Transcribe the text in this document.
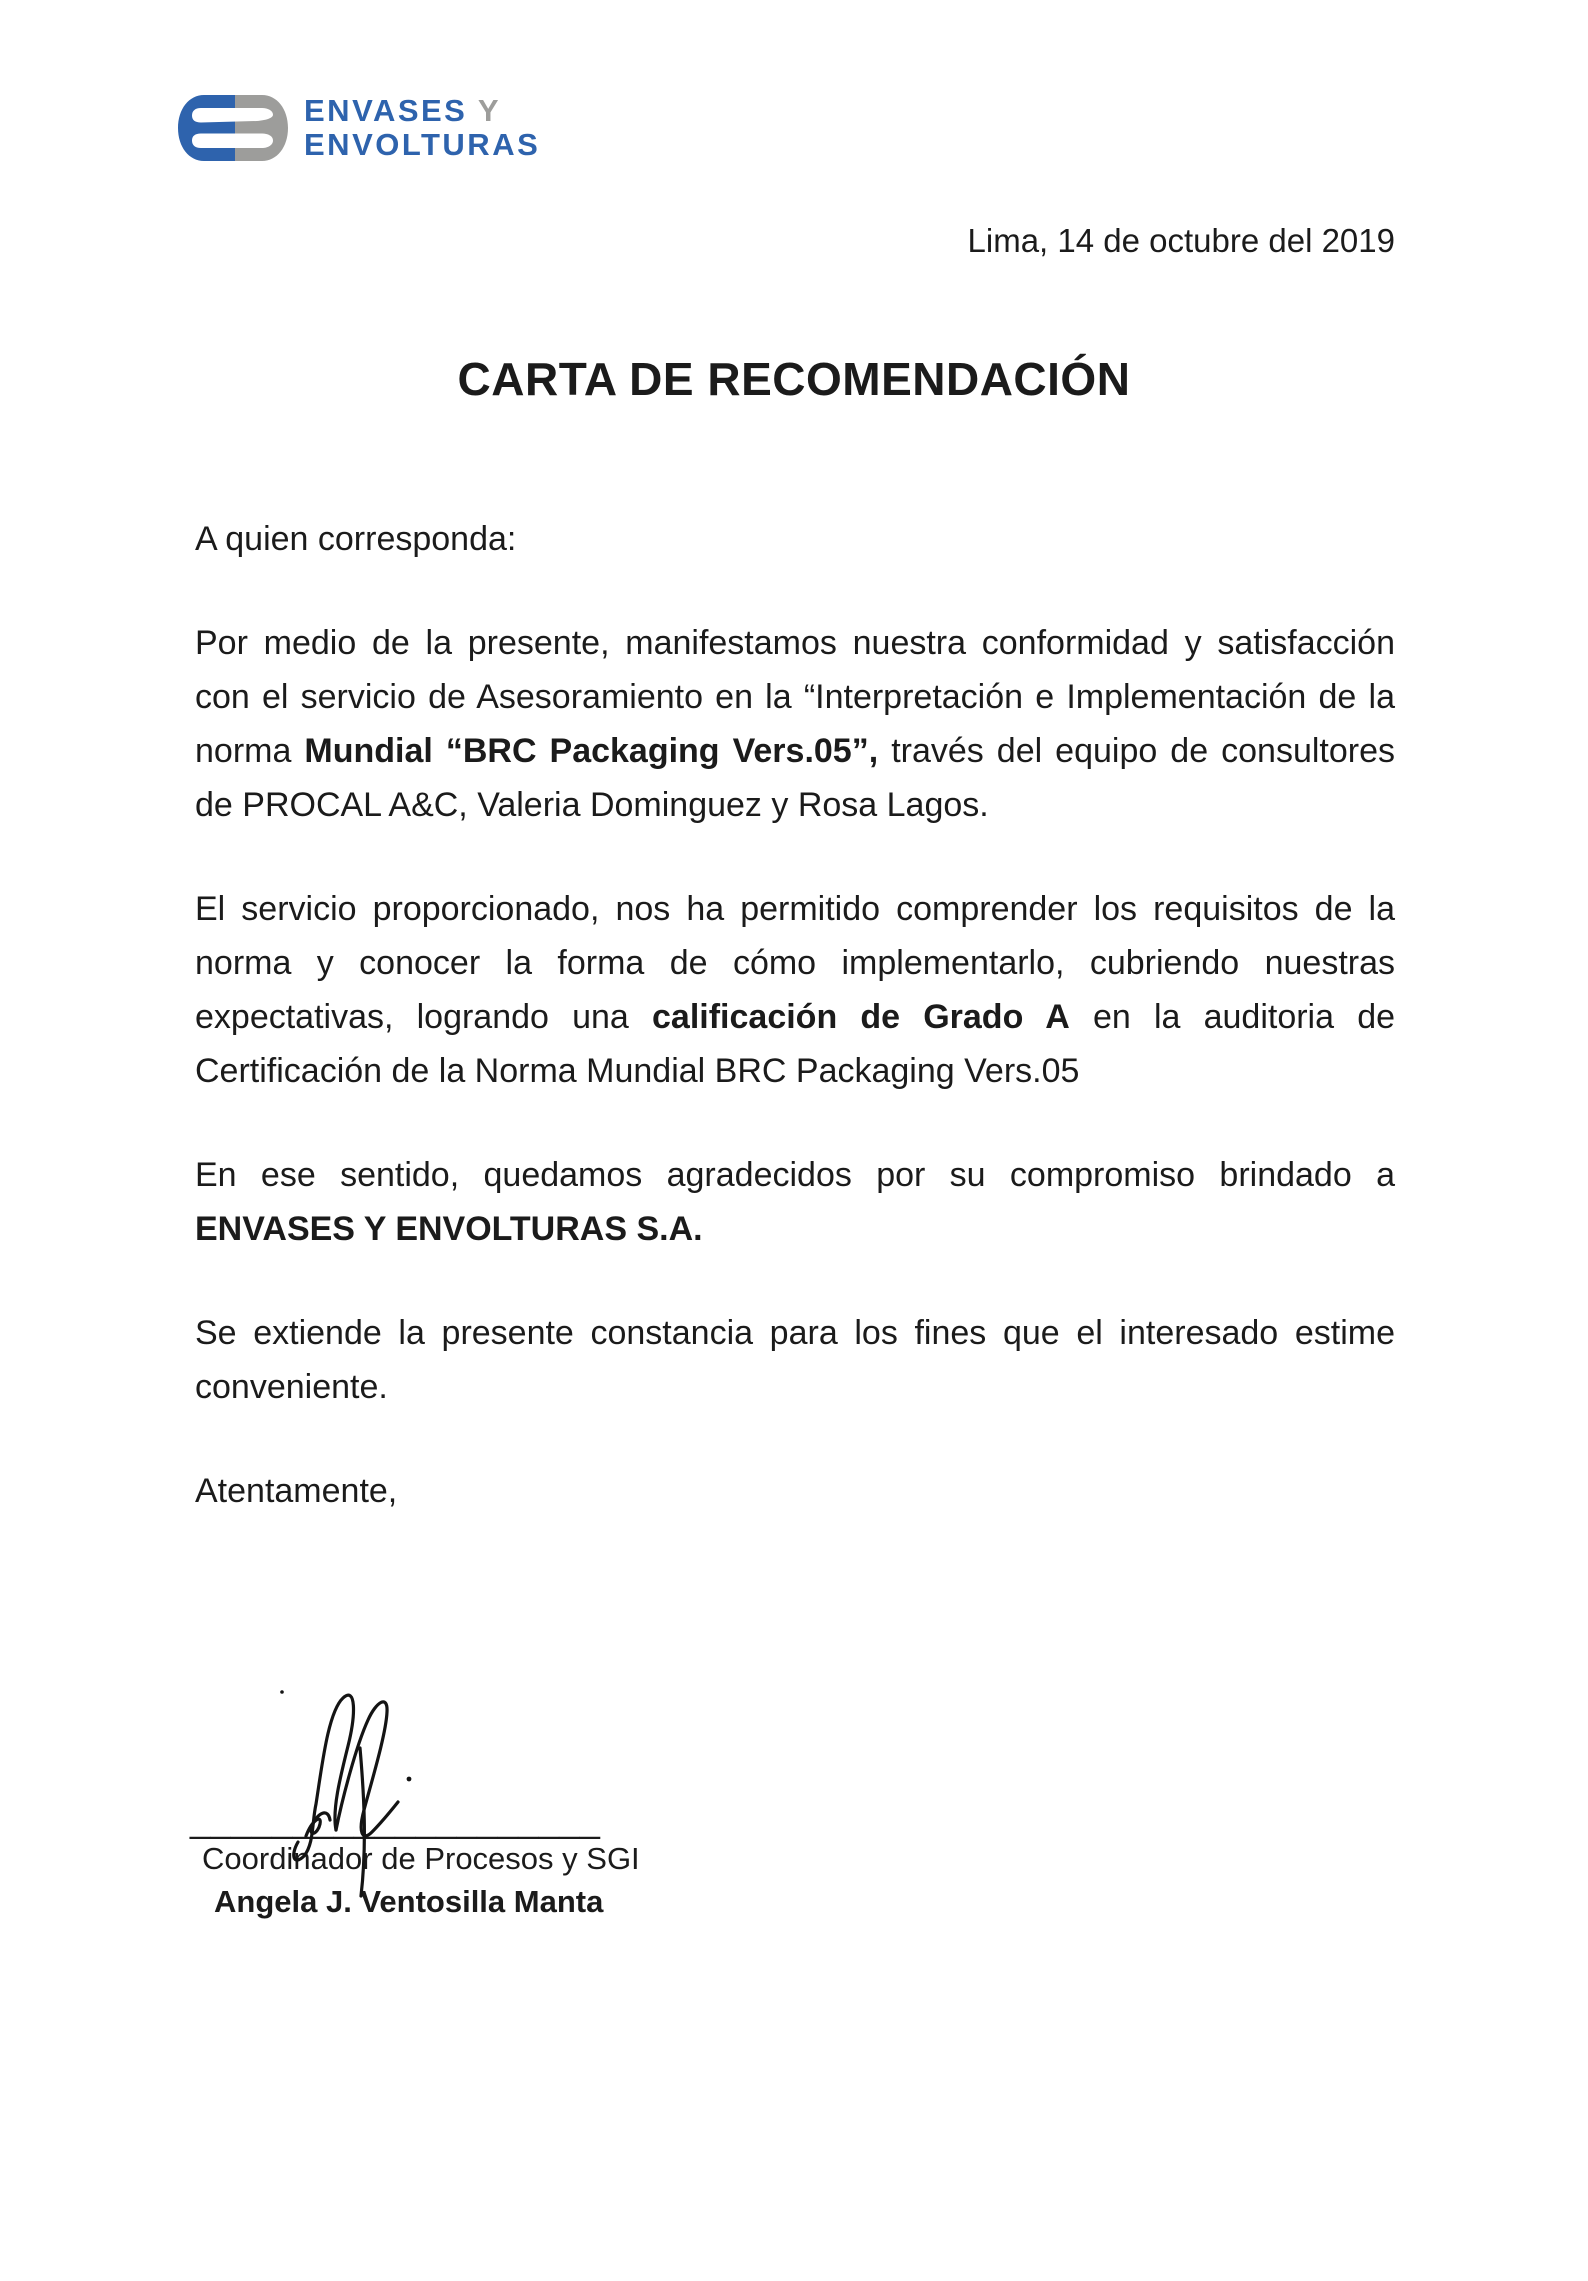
ENVASES Y
ENVOLTURAS
Lima, 14 de octubre del 2019
CARTA DE RECOMENDACIÓN

A quien corresponda:

Por medio de la presente, manifestamos nuestra conformidad y satisfacción con el servicio de Asesoramiento en la “Interpretación e Implementación de la norma Mundial “BRC Packaging Vers.05”, través del equipo de consultores de PROCAL A&C, Valeria Dominguez y Rosa Lagos.

El servicio proporcionado, nos ha permitido comprender los requisitos de la norma y conocer la forma de cómo implementarlo, cubriendo nuestras expectativas, logrando una calificación de Grado A en la auditoria de Certificación de la Norma Mundial BRC Packaging Vers.05

En ese sentido, quedamos agradecidos por su compromiso brindado a ENVASES Y ENVOLTURAS S.A.

Se extiende la presente constancia para los fines que el interesado estime conveniente.

Atentamente,

____________________
Coordinador de Procesos y SGI
Angela J. Ventosilla Manta
